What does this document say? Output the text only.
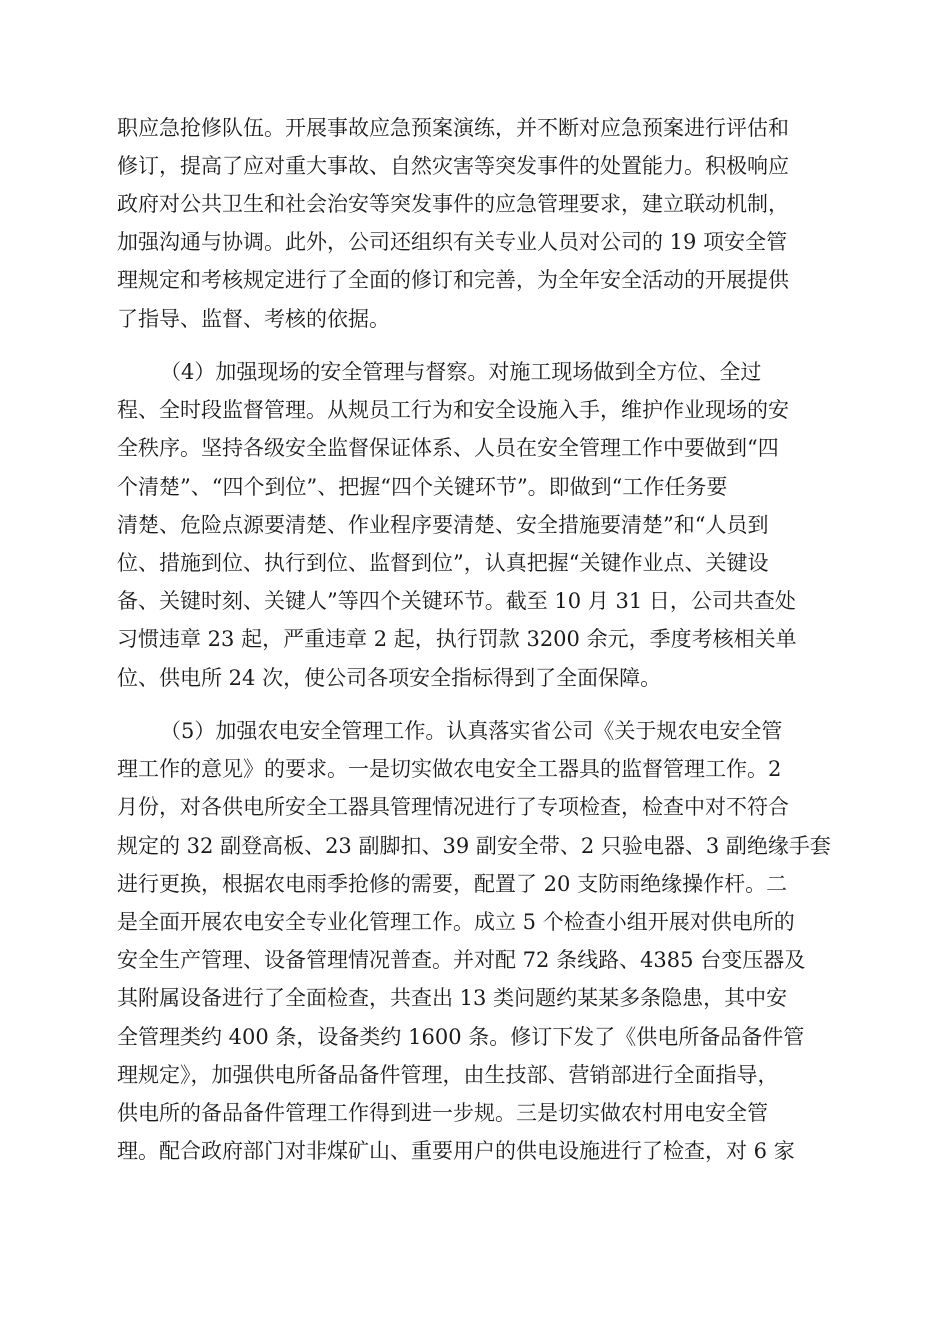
职应急抢修队伍。开展事故应急预案演练，并不断对应急预案进行评估和
修订，提高了应对重大事故、自然灾害等突发事件的处置能力。积极响应
政府对公共卫生和社会治安等突发事件的应急管理要求，建立联动机制，
加强沟通与协调。此外，公司还组织有关专业人员对公司的 19 项安全管
理规定和考核规定进行了全面的修订和完善，为全年安全活动的开展提供
了指导、监督、考核的依据。
（4）加强现场的安全管理与督察。对施工现场做到全方位、全过
程、全时段监督管理。从规员工行为和安全设施入手，维护作业现场的安
全秩序。坚持各级安全监督保证体系、人员在安全管理工作中要做到“四
个清楚”、“四个到位”、把握“四个关键环节”。即做到“工作任务要
清楚、危险点源要清楚、作业程序要清楚、安全措施要清楚”和“人员到
位、措施到位、执行到位、监督到位”，认真把握“关键作业点、关键设
备、关键时刻、关键人”等四个关键环节。截至 10 月 31 日，公司共查处
习惯违章 23 起，严重违章 2 起，执行罚款 3200 余元，季度考核相关单
位、供电所 24 次，使公司各项安全指标得到了全面保障。
（5）加强农电安全管理工作。认真落实省公司《关于规农电安全管
理工作的意见》的要求。一是切实做农电安全工器具的监督管理工作。2
月份，对各供电所安全工器具管理情况进行了专项检查，检查中对不符合
规定的 32 副登高板、23 副脚扣、39 副安全带、2 只验电器、3 副绝缘手套
进行更换，根据农电雨季抢修的需要，配置了 20 支防雨绝缘操作杆。二
是全面开展农电安全专业化管理工作。成立 5 个检查小组开展对供电所的
安全生产管理、设备管理情况普查。并对配 72 条线路、4385 台变压器及
其附属设备进行了全面检查，共查出 13 类问题约某某多条隐患，其中安
全管理类约 400 条，设备类约 1600 条。修订下发了《供电所备品备件管
理规定》，加强供电所备品备件管理，由生技部、营销部进行全面指导，
供电所的备品备件管理工作得到进一步规。三是切实做农村用电安全管
理。配合政府部门对非煤矿山、重要用户的供电设施进行了检查，对 6 家
